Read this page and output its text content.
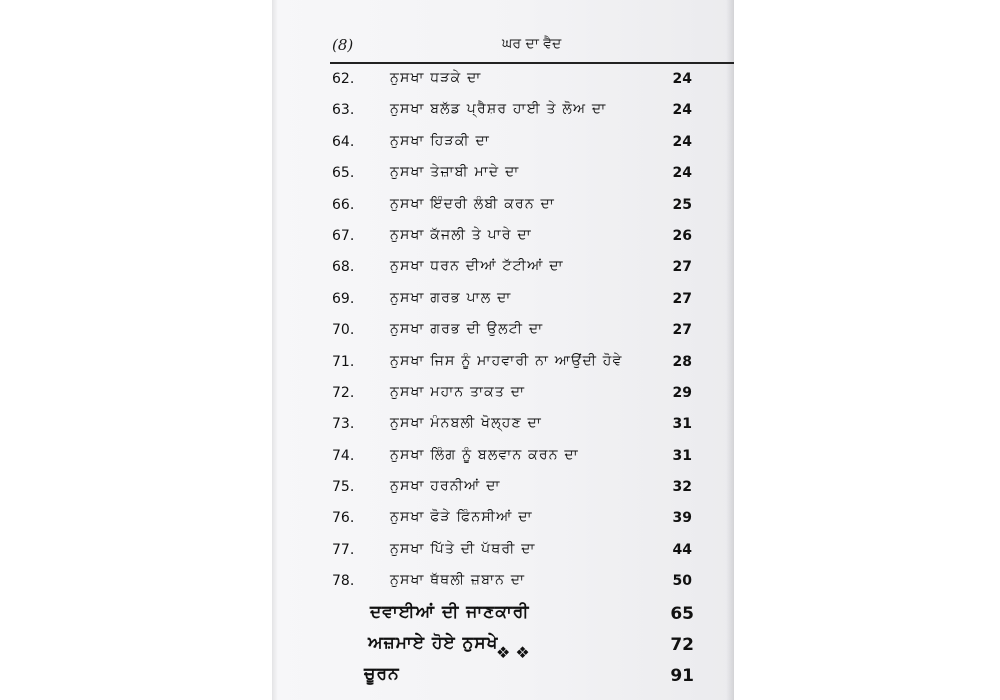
(8)	ਘਰ ਦਾ ਵੈਦ
62.	ਨੁਸਖਾ ਧੜਕੇ ਦਾ	24
63.	ਨੁਸਖਾ ਬਲੱਡ ਪ੍ਰੈਸ਼ਰ ਹਾਈ ਤੇ ਲੋਅ ਦਾ	24
64.	ਨੁਸਖਾ ਹਿੜਕੀ ਦਾ	24
65.	ਨੁਸਖਾ ਤੇਜ਼ਾਬੀ ਮਾਦੇ ਦਾ	24
66.	ਨੁਸਖਾ ਇੰਦਰੀ ਲੰਬੀ ਕਰਨ ਦਾ	25
67.	ਨੁਸਖਾ ਕੱਜਲੀ ਤੇ ਪਾਰੇ ਦਾ	26
68.	ਨੁਸਖਾ ਧਰਨ ਦੀਆਂ ਟੱਟੀਆਂ ਦਾ	27
69.	ਨੁਸਖਾ ਗਰਭ ਪਾਲ ਦਾ	27
70.	ਨੁਸਖਾ ਗਰਭ ਦੀ ਉਲਟੀ ਦਾ	27
71.	ਨੁਸਖਾ ਜਿਸ ਨੂੰ ਮਾਹਵਾਰੀ ਨਾ ਆਉਂਦੀ ਹੋਵੇ	28
72.	ਨੁਸਖਾ ਮਹਾਨ ਤਾਕਤ ਦਾ	29
73.	ਨੁਸਖਾ ਮੰਨਬਲੀ ਖੋਲ੍ਹਣ ਦਾ	31
74.	ਨੁਸਖਾ ਲਿੰਗ ਨੂੰ ਬਲਵਾਨ ਕਰਨ ਦਾ	31
75.	ਨੁਸਖਾ ਹਰਨੀਆਂ ਦਾ	32
76.	ਨੁਸਖਾ ਫੋੜੇ ਫਿੰਨਸੀਆਂ ਦਾ	39
77.	ਨੁਸਖਾ ਪਿੱਤੇ ਦੀ ਪੱਥਰੀ ਦਾ	44
78.	ਨੁਸਖਾ ਥੱਥਲੀ ਜ਼ਬਾਨ ਦਾ	50
ਦਵਾਈਆਂ ਦੀ ਜਾਣਕਾਰੀ	65
ਅਜ਼ਮਾਏ ਹੋਏ ਨੁਸਖੇ	72
ਚੂਰਨ	91
❖ ❖
